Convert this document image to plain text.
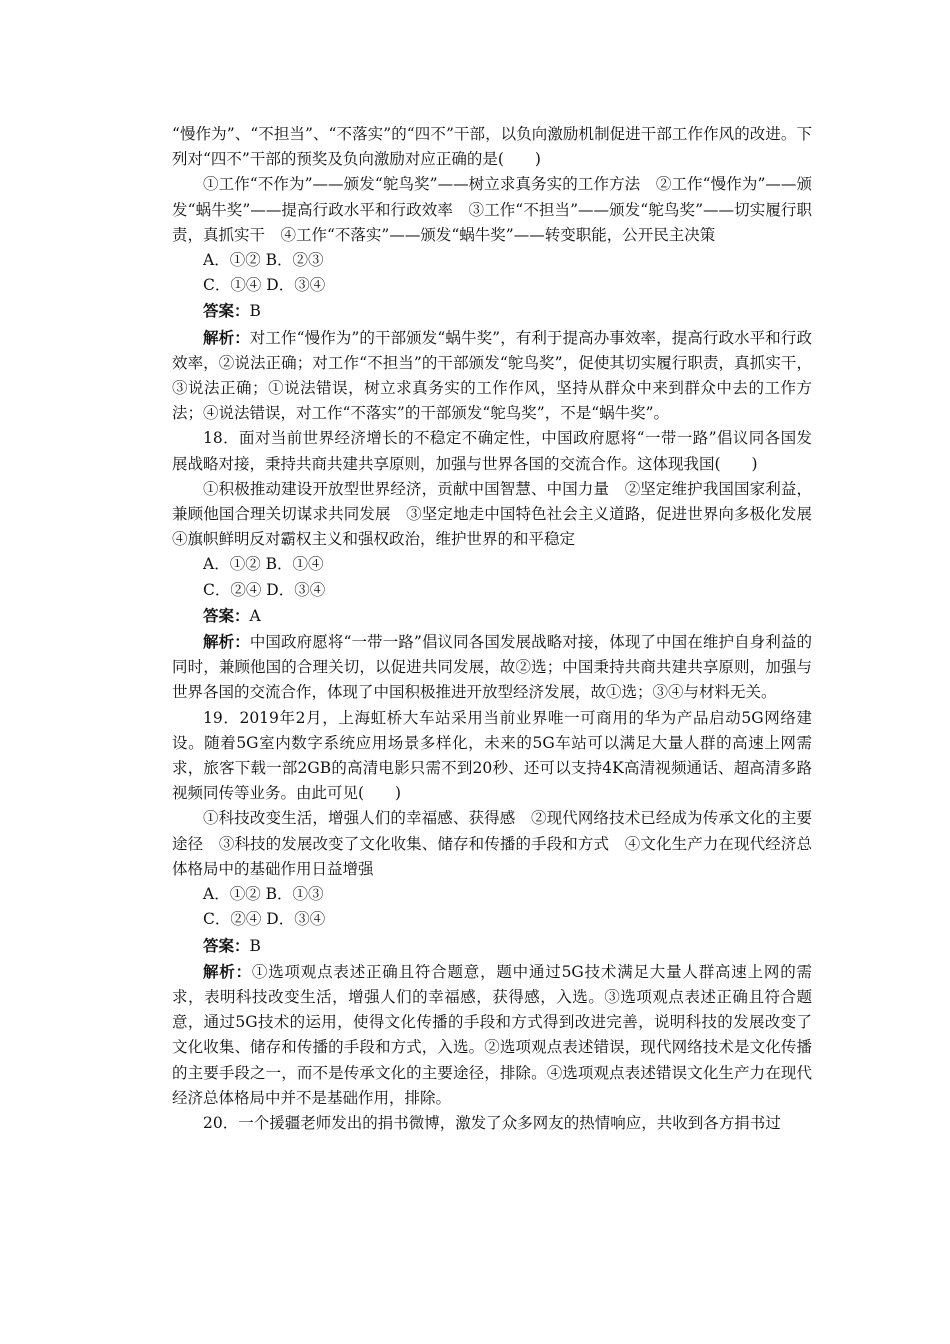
“慢作为”、“不担当”、“不落实”的“四不”干部，以负向激励机制促进干部工作作风的改进。下列对“四不”干部的预奖及负向激励对应正确的是(　　)

①工作“不作为”——颁发“鸵鸟奖”——树立求真务实的工作方法　②工作“慢作为”——颁发“蜗牛奖”——提高行政水平和行政效率　③工作“不担当”——颁发“鸵鸟奖”——切实履行职责，真抓实干　④工作“不落实”——颁发“蜗牛奖”——转变职能，公开民主决策

A．①② B．②③

C．①④ D．③④

答案：B

解析：对工作“慢作为”的干部颁发“蜗牛奖”，有利于提高办事效率，提高行政水平和行政效率，②说法正确；对工作“不担当”的干部颁发“鸵鸟奖”，促使其切实履行职责，真抓实干，③说法正确；①说法错误，树立求真务实的工作作风，坚持从群众中来到群众中去的工作方法；④说法错误，对工作“不落实”的干部颁发“鸵鸟奖”，不是“蜗牛奖”。

18．面对当前世界经济增长的不稳定不确定性，中国政府愿将“一带一路”倡议同各国发展战略对接，秉持共商共建共享原则，加强与世界各国的交流合作。这体现我国(　　)

①积极推动建设开放型世界经济，贡献中国智慧、中国力量　②坚定维护我国国家利益，兼顾他国合理关切谋求共同发展　③坚定地走中国特色社会主义道路，促进世界向多极化发展　④旗帜鲜明反对霸权主义和强权政治，维护世界的和平稳定

A．①② B．①④

C．②④ D．③④

答案：A

解析：中国政府愿将“一带一路”倡议同各国发展战略对接，体现了中国在维护自身利益的同时，兼顾他国的合理关切，以促进共同发展，故②选；中国秉持共商共建共享原则，加强与世界各国的交流合作，体现了中国积极推进开放型经济发展，故①选；③④与材料无关。

19．2019年2月，上海虹桥大车站采用当前业界唯一可商用的华为产品启动5G网络建设。随着5G室内数字系统应用场景多样化，未来的5G车站可以满足大量人群的高速上网需求，旅客下载一部2GB的高清电影只需不到20秒、还可以支持4K高清视频通话、超高清多路视频同传等业务。由此可见(　　)

①科技改变生活，增强人们的幸福感、获得感　②现代网络技术已经成为传承文化的主要途径　③科技的发展改变了文化收集、储存和传播的手段和方式　④文化生产力在现代经济总体格局中的基础作用日益增强

A．①② B．①③

C．②④ D．③④

答案：B

解析：①选项观点表述正确且符合题意，题中通过5G技术满足大量人群高速上网的需求，表明科技改变生活，增强人们的幸福感，获得感，入选。③选项观点表述正确且符合题意，通过5G技术的运用，使得文化传播的手段和方式得到改进完善，说明科技的发展改变了文化收集、储存和传播的手段和方式，入选。②选项观点表述错误，现代网络技术是文化传播的主要手段之一，而不是传承文化的主要途径，排除。④选项观点表述错误文化生产力在现代经济总体格局中并不是基础作用，排除。

20．一个援疆老师发出的捐书微博，激发了众多网友的热情响应，共收到各方捐书过
